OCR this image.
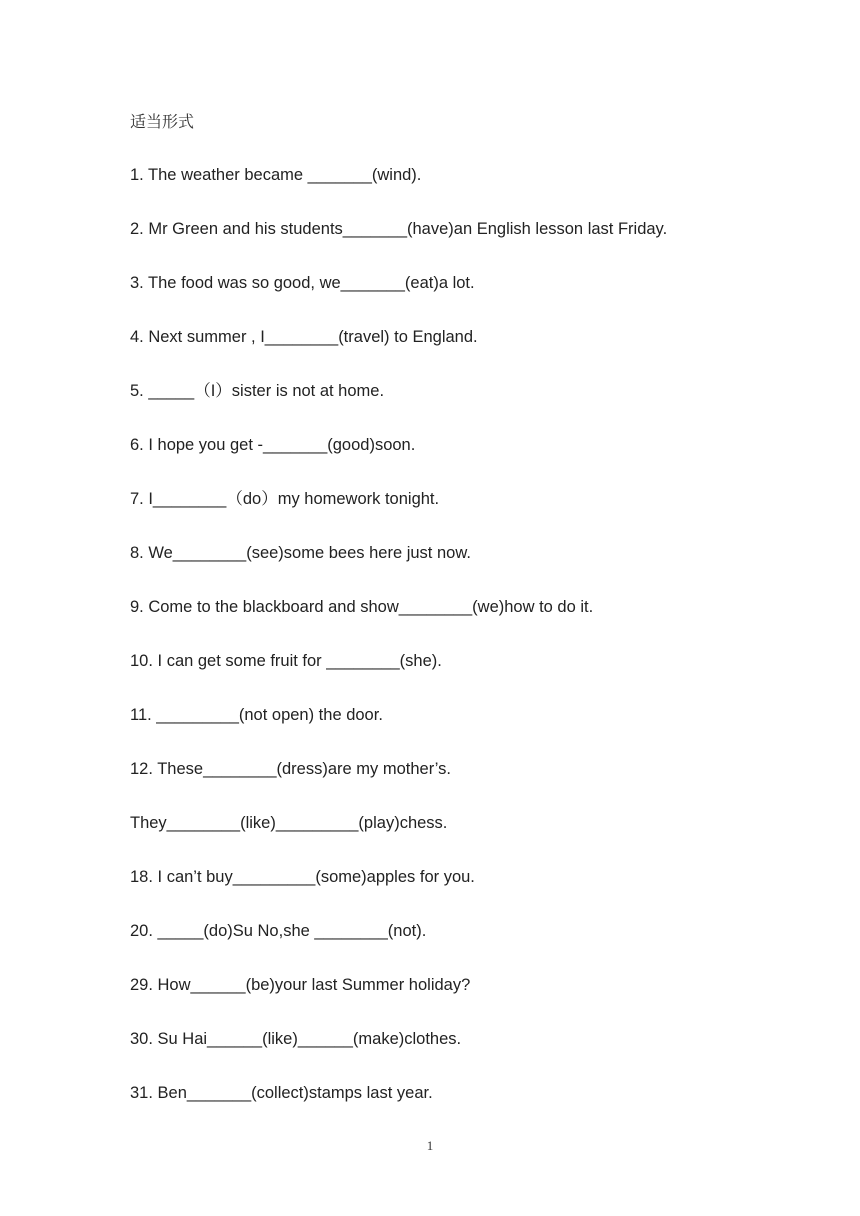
适当形式
1. The weather became _______(wind).
2. Mr Green and his students_______(have)an English lesson last Friday.
3. The food was so good, we_______(eat)a lot.
4. Next summer , I________(travel) to England.
5. _____（I）sister is not at home.
6. I hope you get -_______(good)soon.
7. I________（do）my homework tonight.
8. We________(see)some bees here just now.
9. Come to the blackboard and show________(we)how to do it.
10. I can get some fruit for ________(she).
11. _________(not open) the door.
12. These________(dress)are my mother’s.
They________(like)_________(play)chess.
18. I can’t buy_________(some)apples for you.
20. _____(do)Su No,she ________(not).
29. How______(be)your last Summer holiday?
30. Su Hai______(like)______(make)clothes.
31. Ben_______(collect)stamps last year.
1
